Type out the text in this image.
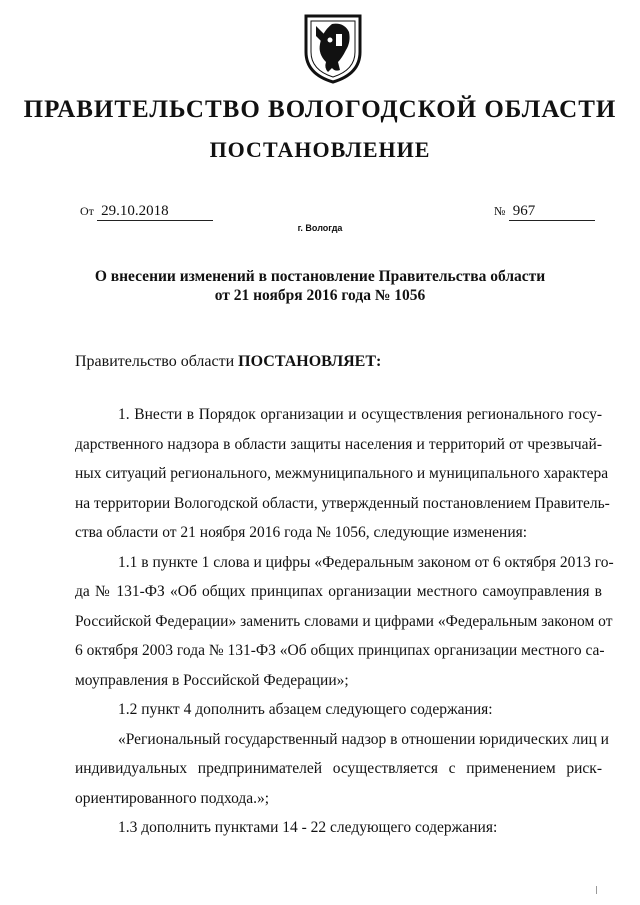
ПРАВИТЕЛЬСТВО ВОЛОГОДСКОЙ ОБЛАСТИ
ПОСТАНОВЛЕНИЕ
От 29.10.2018	№ 967
г. Вологда
О внесении изменений в постановление Правительства области
от 21 ноября 2016 года № 1056
Правительство области ПОСТАНОВЛЯЕТ:
1. Внести в Порядок организации и осуществления регионального госу-
дарственного надзора в области защиты населения и территорий от чрезвычай-
ных ситуаций регионального, межмуниципального и муниципального характера
на территории Вологодской области, утвержденный постановлением Правитель-
ства области от 21 ноября 2016 года № 1056, следующие изменения:
1.1 в пункте 1 слова и цифры «Федеральным законом от 6 октября 2013 го-
да № 131-ФЗ «Об общих принципах организации местного самоуправления в
Российской Федерации» заменить словами и цифрами «Федеральным законом от
6 октября 2003 года № 131-ФЗ «Об общих принципах организации местного са-
моуправления в Российской Федерации»;
1.2 пункт 4 дополнить абзацем следующего содержания:
«Региональный государственный надзор в отношении юридических лиц и
индивидуальных предпринимателей осуществляется с применением риск-
ориентированного подхода.»;
1.3 дополнить пунктами 14 - 22 следующего содержания:
